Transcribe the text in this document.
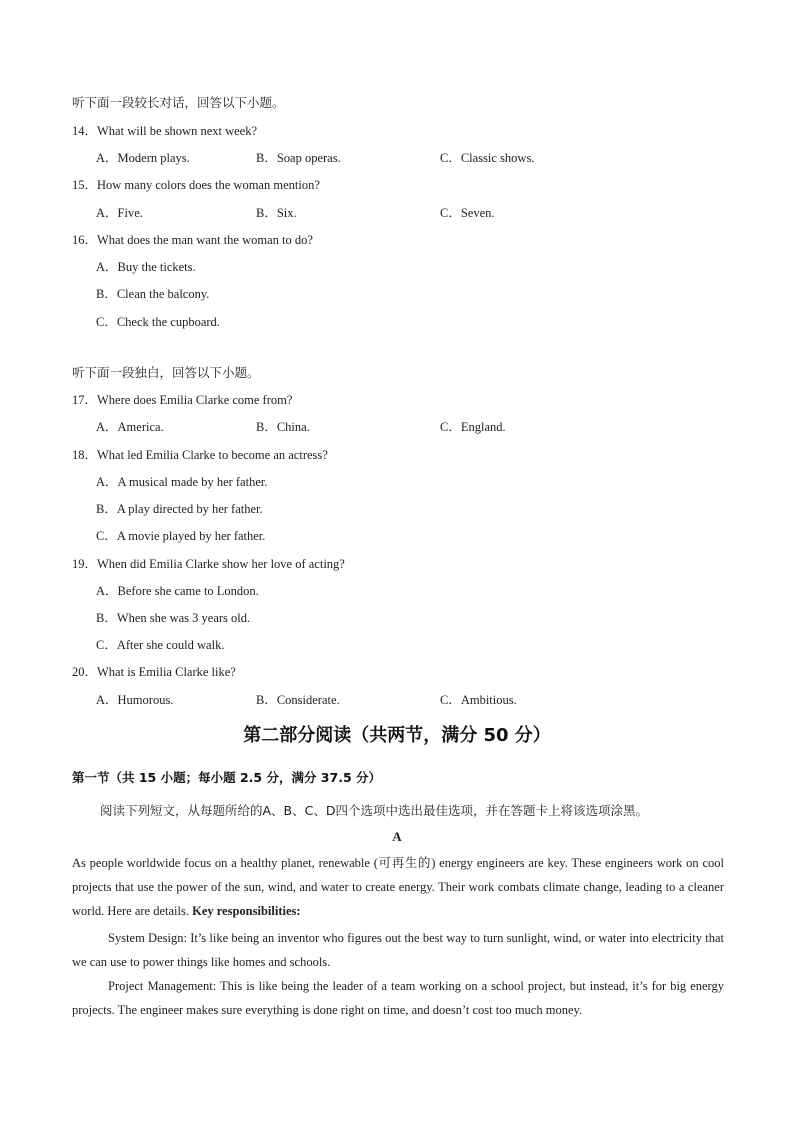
听下面一段较长对话，回答以下小题。
14．What will be shown next week?
A．Modern plays.	B．Soap operas.	C．Classic shows.
15．How many colors does the woman mention?
A．Five.	B．Six.	C．Seven.
16．What does the man want the woman to do?
A．Buy the tickets.
B．Clean the balcony.
C．Check the cupboard.
听下面一段独白，回答以下小题。
17．Where does Emilia Clarke come from?
A．America.	B．China.	C．England.
18．What led Emilia Clarke to become an actress?
A．A musical made by her father.
B．A play directed by her father.
C．A movie played by her father.
19．When did Emilia Clarke show her love of acting?
A．Before she came to London.
B．When she was 3 years old.
C．After she could walk.
20．What is Emilia Clarke like?
A．Humorous.	B．Considerate.	C．Ambitious.
第二部分阅读（共两节，满分 50 分）
第一节（共 15 小题；每小题 2.5 分，满分 37.5 分）
阅读下列短文，从每题所给的A、B、C、D四个选项中选出最佳选项，并在答题卡上将该选项涂黑。
A
As people worldwide focus on a healthy planet, renewable (可再生的) energy engineers are key. These engineers work on cool projects that use the power of the sun, wind, and water to create energy. Their work combats climate change, leading to a cleaner world. Here are details. Key responsibilities:
System Design: It’s like being an inventor who figures out the best way to turn sunlight, wind, or water into electricity that we can use to power things like homes and schools.
Project Management: This is like being the leader of a team working on a school project, but instead, it’s for big energy projects. The engineer makes sure everything is done right on time, and doesn’t cost too much money.
